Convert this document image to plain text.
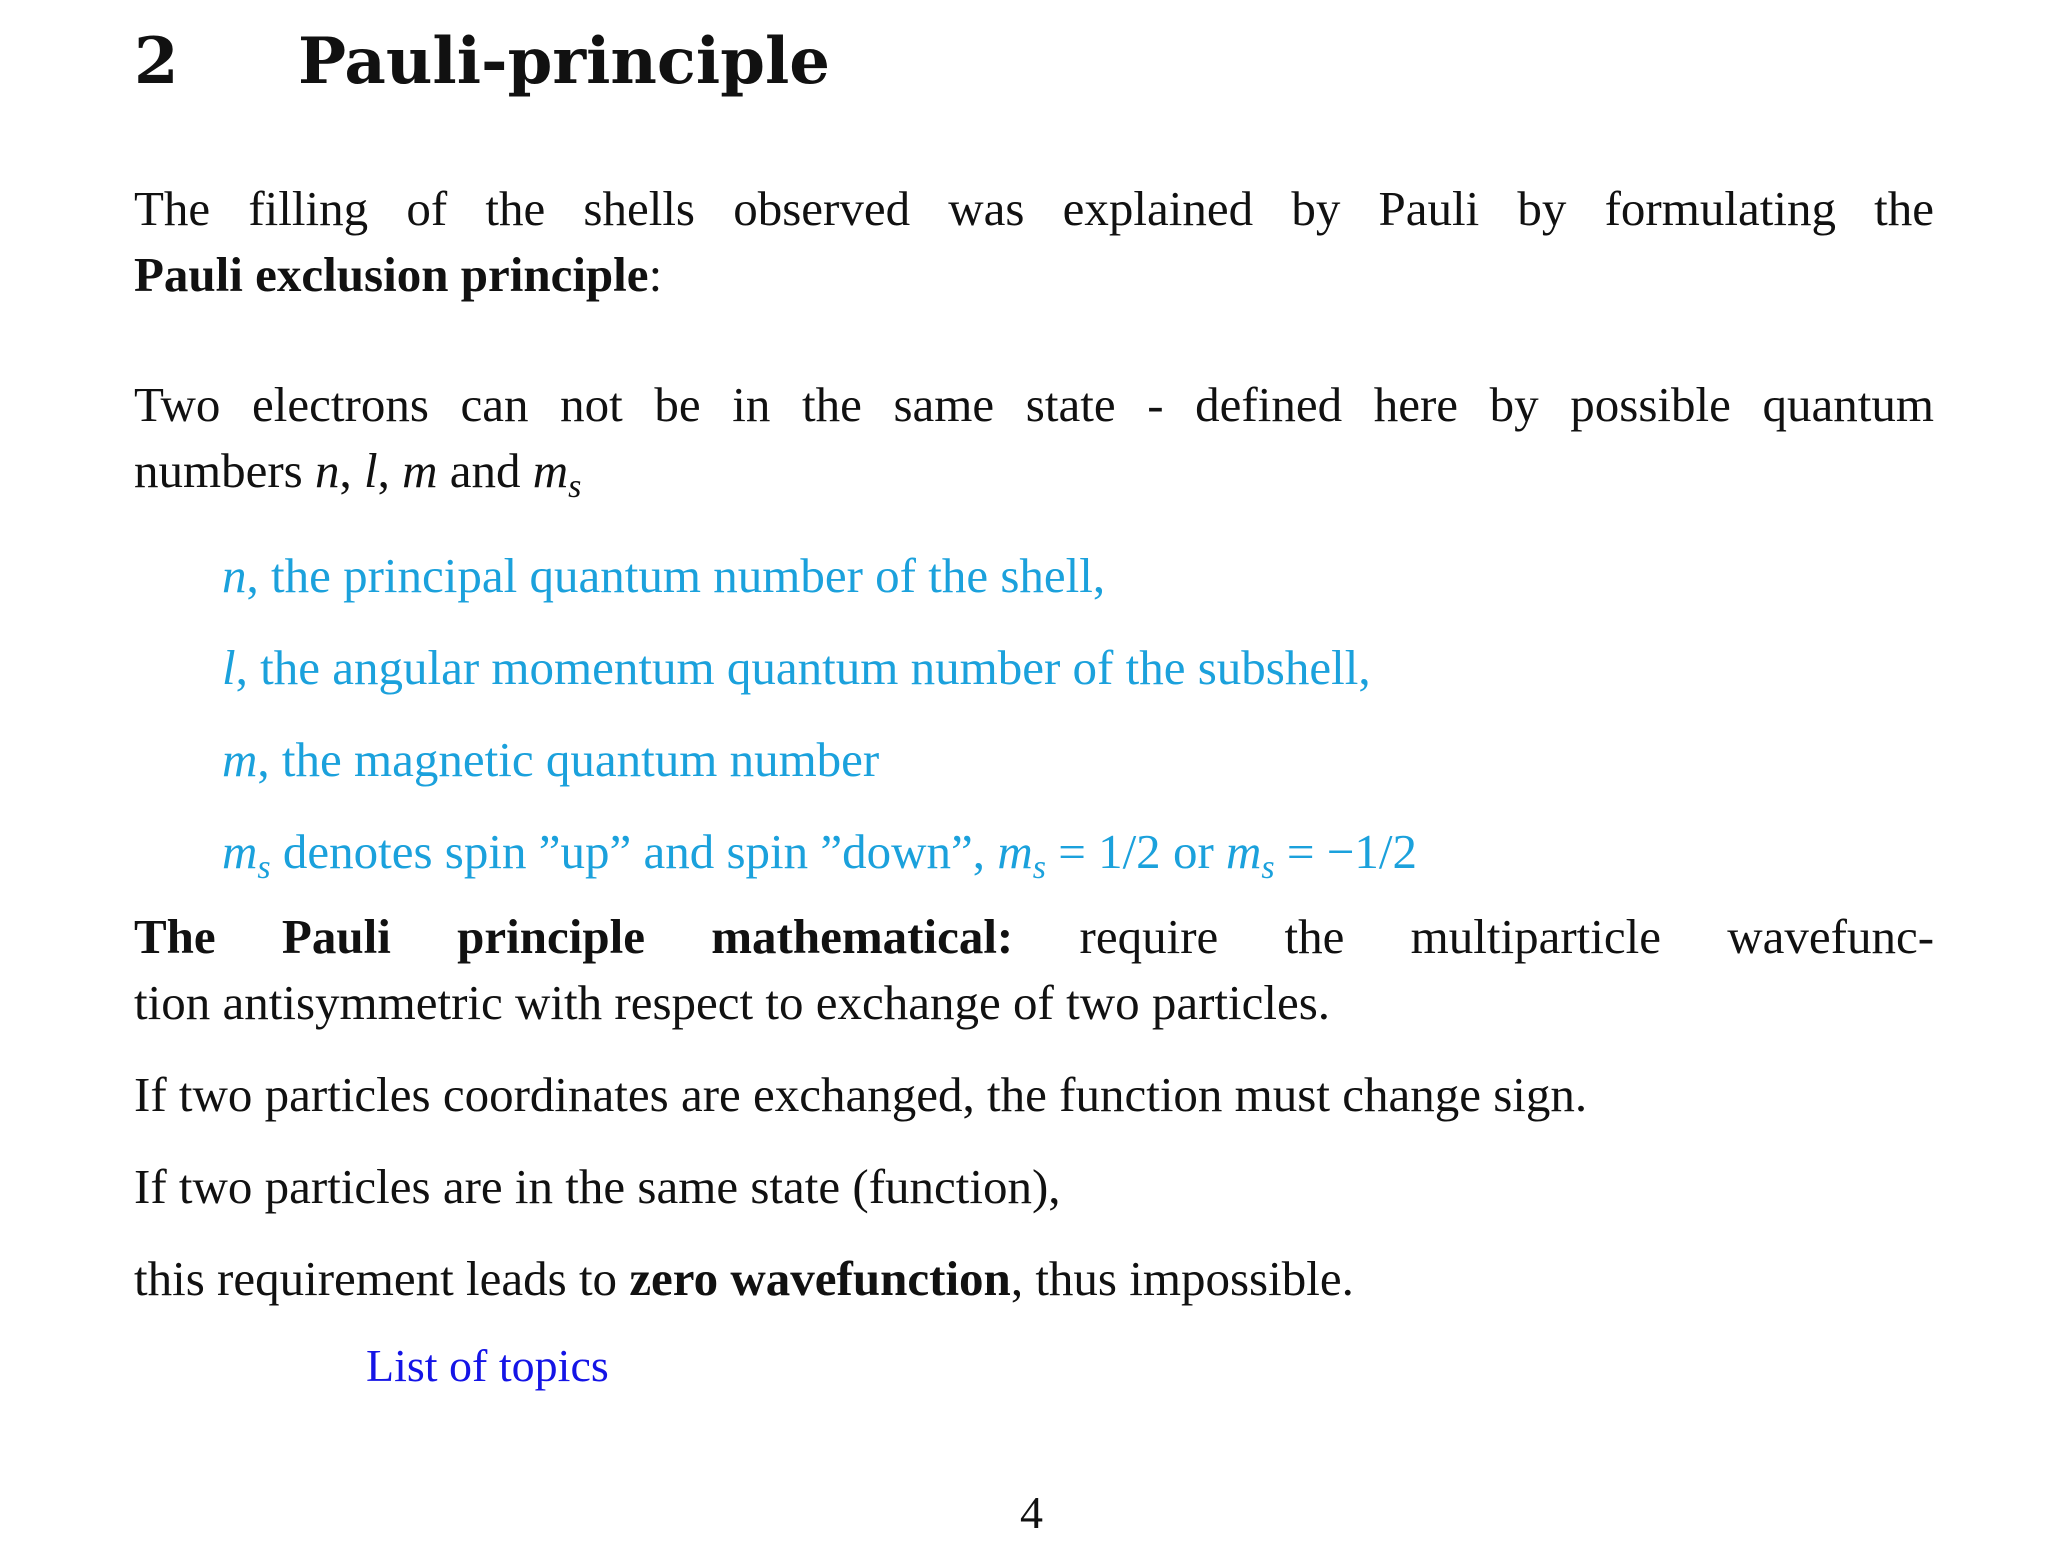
2 Pauli-principle

The filling of the shells observed was explained by Pauli by formulating the
Pauli exclusion principle:

Two electrons can not be in the same state - defined here by possible quantum
numbers n, l, m and $m_s$

n, the principal quantum number of the shell,
l, the angular momentum quantum number of the subshell,
m, the magnetic quantum number
$m_s$ denotes spin ”up” and spin ”down”, $m_s = 1/2$ or $m_s = -1/2$

The Pauli principle mathematical: require the multiparticle wavefunc-
tion antisymmetric with respect to exchange of two particles.

If two particles coordinates are exchanged, the function must change sign.

If two particles are in the same state (function),

this requirement leads to zero wavefunction, thus impossible.

List of topics
4
